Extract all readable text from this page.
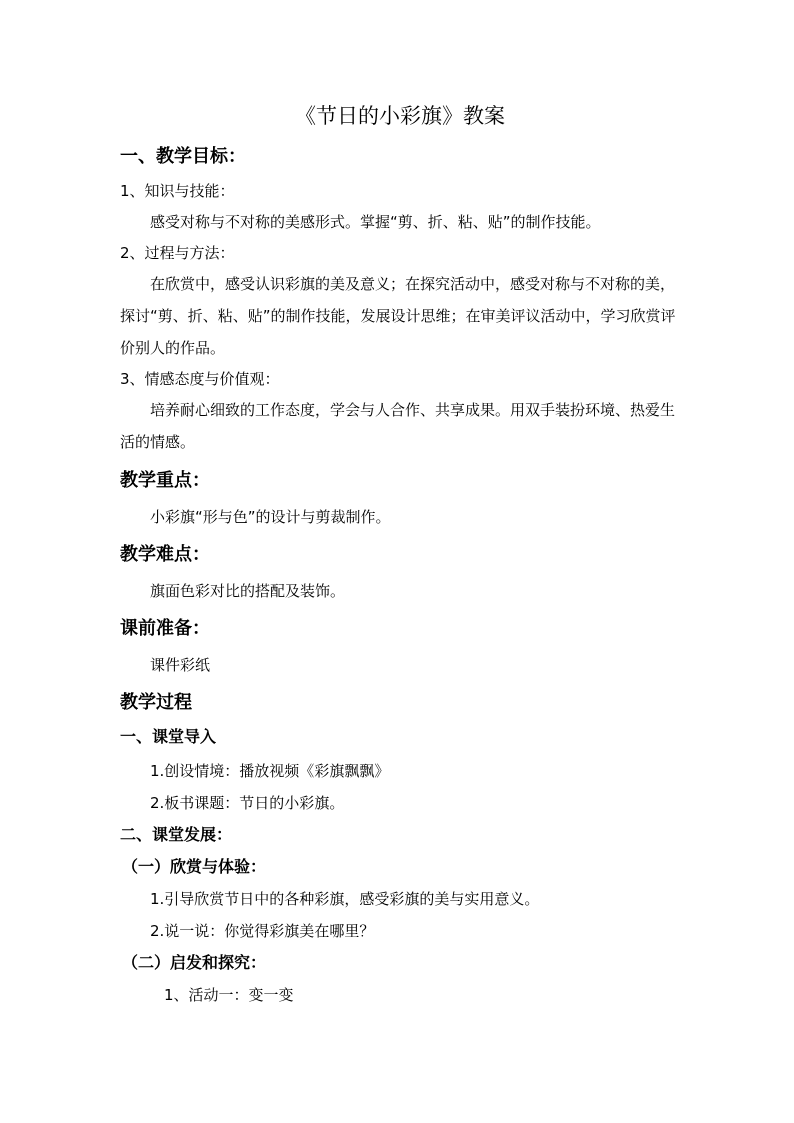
《节日的小彩旗》教案
一、教学目标：
1、知识与技能：
感受对称与不对称的美感形式。掌握“剪、折、粘、贴”的制作技能。
2、过程与方法：
在欣赏中，感受认识彩旗的美及意义；在探究活动中，感受对称与不对称的美，探讨“剪、折、粘、贴”的制作技能，发展设计思维；在审美评议活动中，学习欣赏评价别人的作品。
3、情感态度与价值观：
培养耐心细致的工作态度，学会与人合作、共享成果。用双手装扮环境、热爱生活的情感。
教学重点：
小彩旗“形与色”的设计与剪裁制作。
教学难点：
旗面色彩对比的搭配及装饰。
课前准备：
课件彩纸
教学过程
一、课堂导入
1.创设情境：播放视频《彩旗飘飘》
2.板书课题：节日的小彩旗。
二、课堂发展：
（一）欣赏与体验：
1.引导欣赏节日中的各种彩旗，感受彩旗的美与实用意义。
2.说一说：你觉得彩旗美在哪里？
（二）启发和探究：
1、活动一：变一变
